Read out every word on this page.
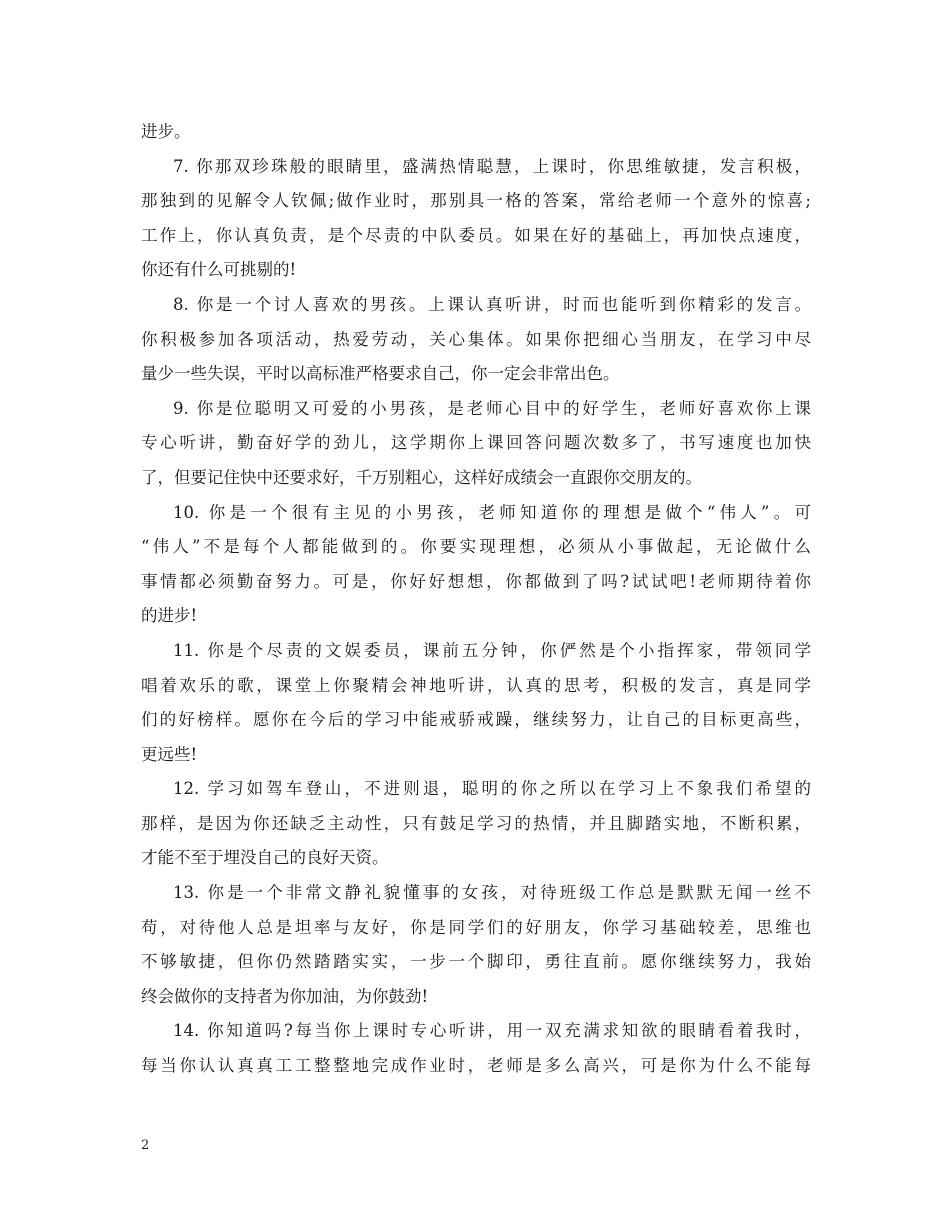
进步。
7. 你那双珍珠般的眼睛里，盛满热情聪慧，上课时，你思维敏捷，发言积极，
那独到的见解令人钦佩;做作业时，那别具一格的答案，常给老师一个意外的惊喜;
工作上，你认真负责，是个尽责的中队委员。如果在好的基础上，再加快点速度，
你还有什么可挑剔的!
8. 你是一个讨人喜欢的男孩。上课认真听讲，时而也能听到你精彩的发言。
你积极参加各项活动，热爱劳动，关心集体。如果你把细心当朋友，在学习中尽
量少一些失误，平时以高标准严格要求自己，你一定会非常出色。
9. 你是位聪明又可爱的小男孩，是老师心目中的好学生，老师好喜欢你上课
专心听讲，勤奋好学的劲儿，这学期你上课回答问题次数多了，书写速度也加快
了，但要记住快中还要求好，千万别粗心，这样好成绩会一直跟你交朋友的。
10. 你是一个很有主见的小男孩，老师知道你的理想是做个“伟人”。可
“伟人”不是每个人都能做到的。你要实现理想，必须从小事做起，无论做什么
事情都必须勤奋努力。可是，你好好想想，你都做到了吗?试试吧!老师期待着你
的进步!
11. 你是个尽责的文娱委员，课前五分钟，你俨然是个小指挥家，带领同学
唱着欢乐的歌，课堂上你聚精会神地听讲，认真的思考，积极的发言，真是同学
们的好榜样。愿你在今后的学习中能戒骄戒躁，继续努力，让自己的目标更高些，
更远些!
12. 学习如驾车登山，不进则退，聪明的你之所以在学习上不象我们希望的
那样，是因为你还缺乏主动性，只有鼓足学习的热情，并且脚踏实地，不断积累，
才能不至于埋没自己的良好天资。
13. 你是一个非常文静礼貌懂事的女孩，对待班级工作总是默默无闻一丝不
苟，对待他人总是坦率与友好，你是同学们的好朋友，你学习基础较差，思维也
不够敏捷，但你仍然踏踏实实，一步一个脚印，勇往直前。愿你继续努力，我始
终会做你的支持者为你加油，为你鼓劲!
14. 你知道吗?每当你上课时专心听讲，用一双充满求知欲的眼睛看着我时，
每当你认认真真工工整整地完成作业时，老师是多么高兴，可是你为什么不能每
2
